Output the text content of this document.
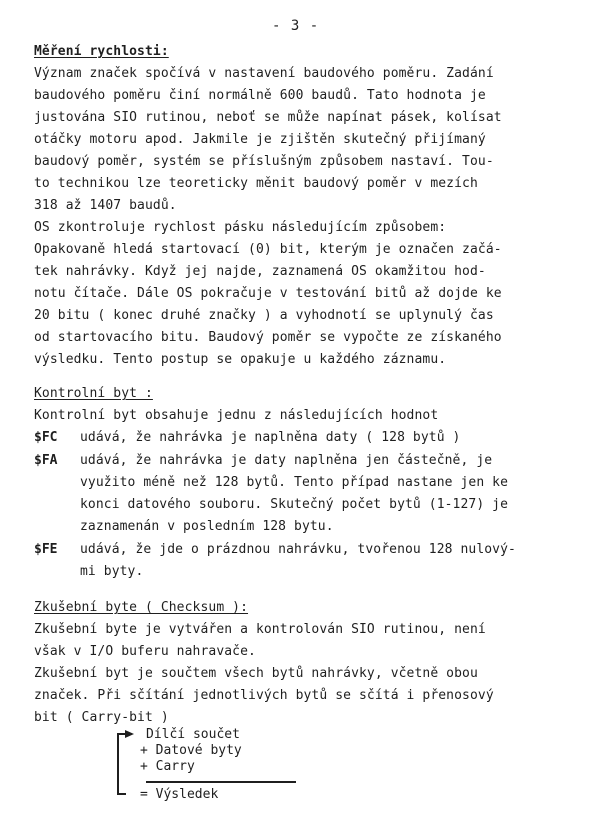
- 3 -
Měření rychlosti:
Význam značek spočívá v nastavení baudového poměru. Zadání
baudového poměru činí normálně 600 baudů. Tato hodnota je
justována SIO rutinou, neboť se může napínat pásek, kolísat
otáčky motoru apod. Jakmile je zjištěn skutečný přijímaný
baudový poměr, systém se příslušným způsobem nastaví. Tou-
to technikou lze teoreticky měnit baudový poměr v mezích
318 až 1407 baudů.
OS zkontroluje rychlost pásku následujícím způsobem:
Opakovaně hledá startovací (0) bit, kterým je označen začá-
tek nahrávky. Když jej najde, zaznamená OS okamžitou hod-
notu čítače. Dále OS pokračuje v testování bitů až dojde ke
20 bitu ( konec druhé značky ) a vyhodnotí se uplynulý čas
od startovacího bitu. Baudový poměr se vypočte ze získaného
výsledku. Tento postup se opakuje u každého záznamu.
Kontrolní byt :
Kontrolní byt obsahuje jednu z následujících hodnot
$FC udává, že nahrávka je naplněna daty ( 128 bytů )
$FA udává, že nahrávka je daty naplněna jen částečně, je
využito méně než 128 bytů. Tento případ nastane jen ke
konci datového souboru. Skutečný počet bytů (1-127) je
zaznamenán v posledním 128 bytu.
$FE udává, že jde o prázdnou nahrávku, tvořenou 128 nulový-
mi byty.
Zkušební byte ( Checksum ):
Zkušební byte je vytvářen a kontrolován SIO rutinou, není
však v I/O buferu nahravače.
Zkušební byt je součtem všech bytů nahrávky, včetně obou
značek. Při sčítání jednotlivých bytů se sčítá i přenosový
bit ( Carry-bit )
Dílčí součet
+ Datové byty
+ Carry
= Výsledek
